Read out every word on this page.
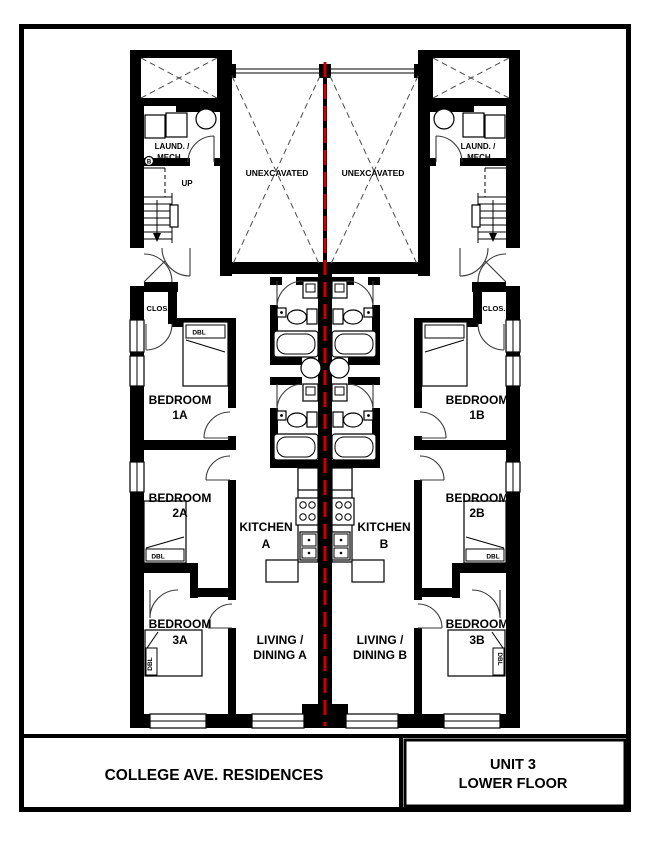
UNEXCAVATED	UNEXCAVATED
LAUND. /
MECH.
LAUND. /
MECH.
B
UP
CLOS.	CLOS.
BEDROOM
1A
BEDROOM
1B
BEDROOM
2A
BEDROOM
2B
BEDROOM
3A
BEDROOM
3B
KITCHEN
A
KITCHEN
B
LIVING /
DINING A
LIVING /
DINING B
DBL
DBL	DBL
DBL	DBL
COLLEGE AVE. RESIDENCES
UNIT 3
LOWER FLOOR
